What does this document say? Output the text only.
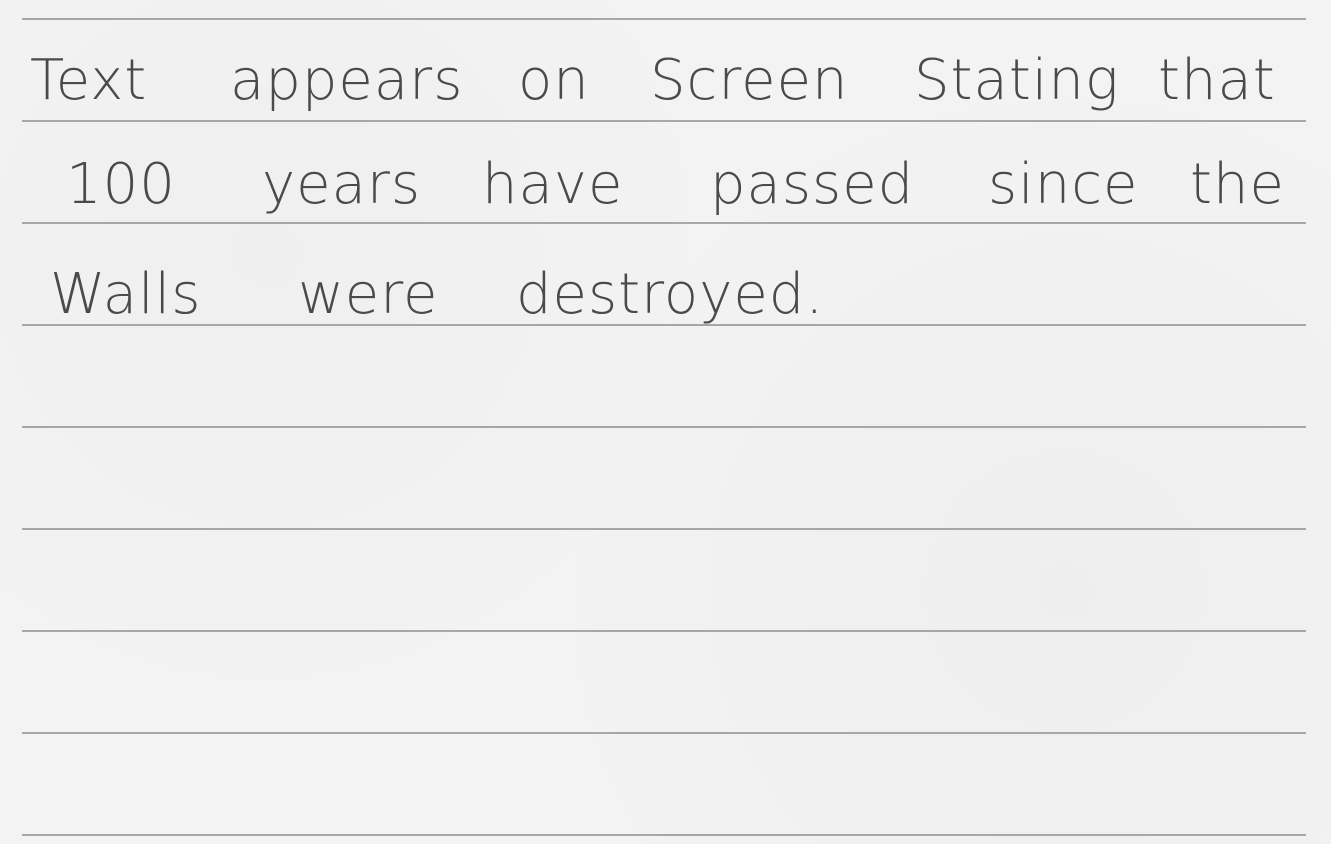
Text appears on Screen Stating that
100 years have passed since the
Walls were destroyed.
